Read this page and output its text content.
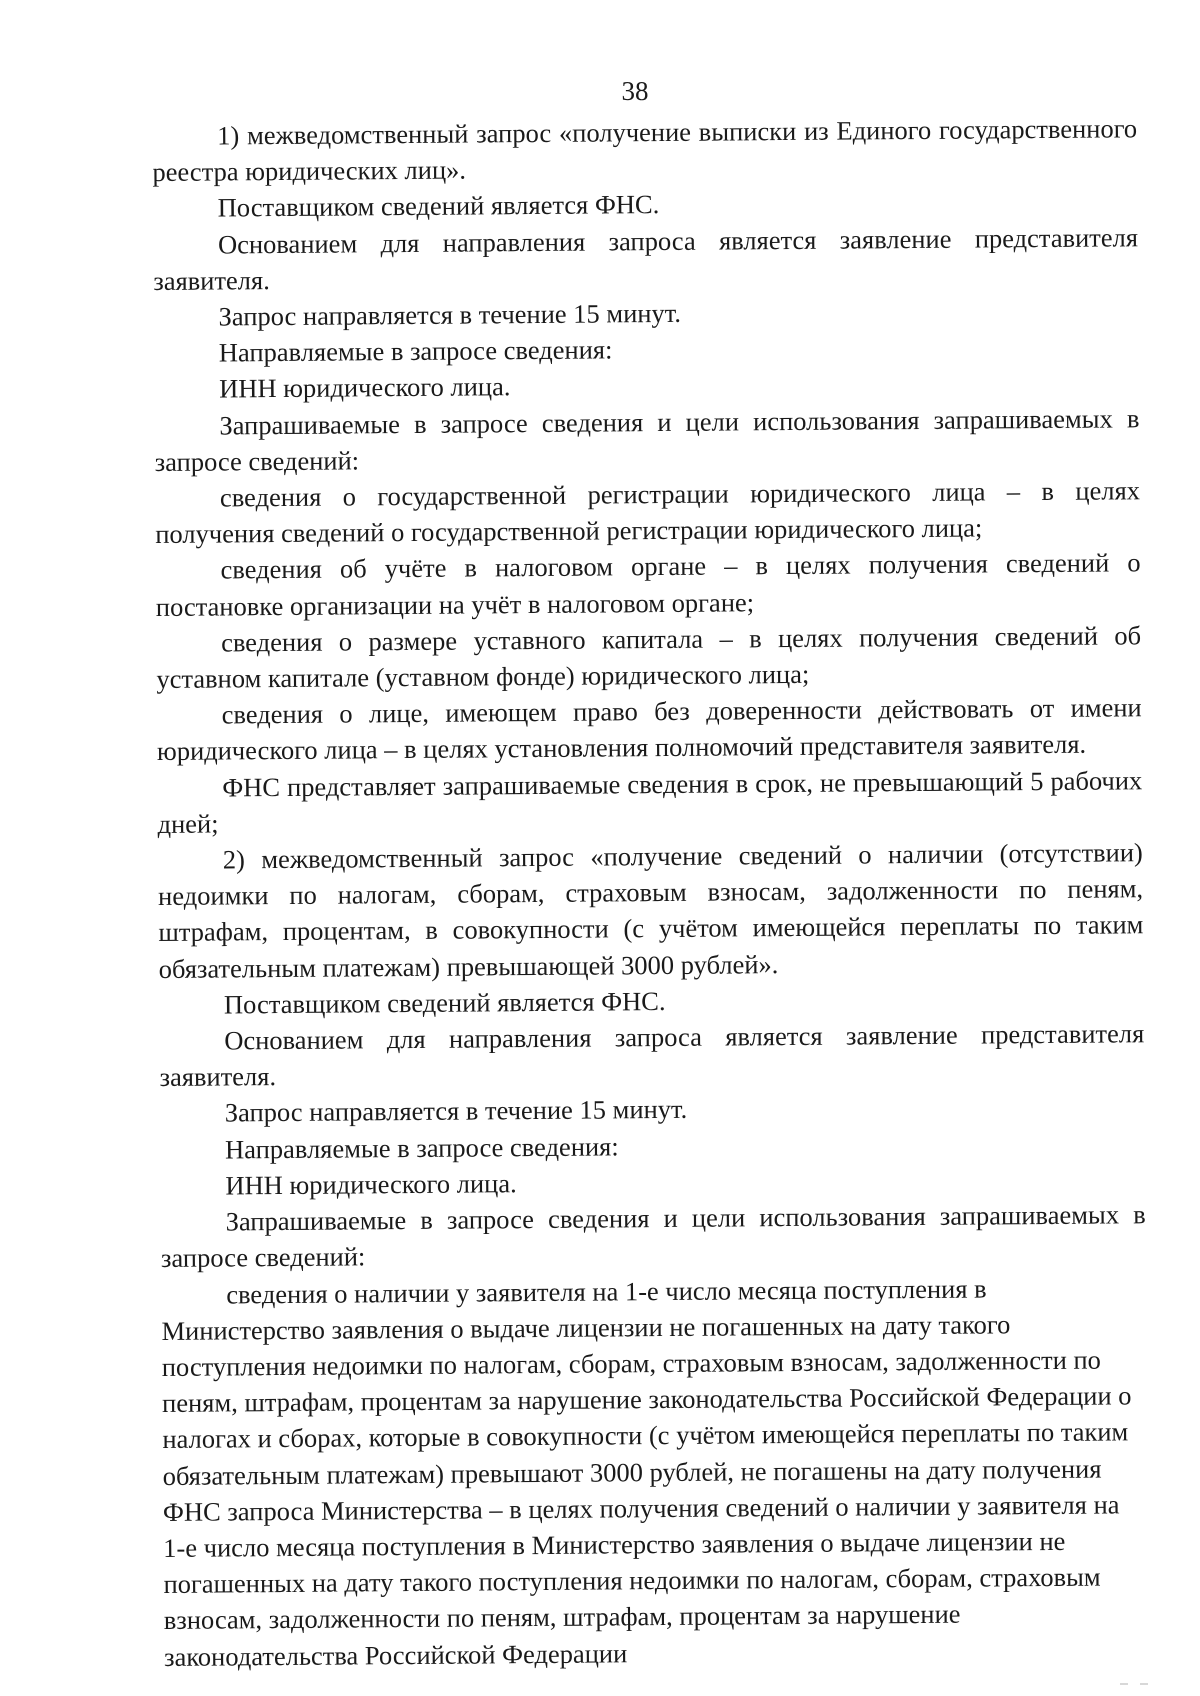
38

1) межведомственный запрос «получение выписки из Единого государственного реестра юридических лиц».

Поставщиком сведений является ФНС.

Основанием для направления запроса является заявление представителя заявителя.

Запрос направляется в течение 15 минут.

Направляемые в запросе сведения:

ИНН юридического лица.

Запрашиваемые в запросе сведения и цели использования запрашиваемых в запросе сведений:

сведения о государственной регистрации юридического лица – в целях получения сведений о государственной регистрации юридического лица;

сведения об учёте в налоговом органе – в целях получения сведений о постановке организации на учёт в налоговом органе;

сведения о размере уставного капитала – в целях получения сведений об уставном капитале (уставном фонде) юридического лица;

сведения о лице, имеющем право без доверенности действовать от имени юридического лица – в целях установления полномочий представителя заявителя.

ФНС представляет запрашиваемые сведения в срок, не превышающий 5 рабочих дней;

2) межведомственный запрос «получение сведений о наличии (отсутствии) недоимки по налогам, сборам, страховым взносам, задолженности по пеням, штрафам, процентам, в совокупности (с учётом имеющейся переплаты по таким обязательным платежам) превышающей 3000 рублей».

Поставщиком сведений является ФНС.

Основанием для направления запроса является заявление представителя заявителя.

Запрос направляется в течение 15 минут.

Направляемые в запросе сведения:

ИНН юридического лица.

Запрашиваемые в запросе сведения и цели использования запрашиваемых в запросе сведений:

сведения о наличии у заявителя на 1-е число месяца поступления в Министерство заявления о выдаче лицензии не погашенных на дату такого поступления недоимки по налогам, сборам, страховым взносам, задолженности по пеням, штрафам, процентам за нарушение законодательства Российской Федерации о налогах и сборах, которые в совокупности (с учётом имеющейся переплаты по таким обязательным платежам) превышают 3000 рублей, не погашены на дату получения ФНС запроса Министерства – в целях получения сведений о наличии у заявителя на 1-е число месяца поступления в Министерство заявления о выдаче лицензии не погашенных на дату такого поступления недоимки по налогам, сборам, страховым взносам, задолженности по пеням, штрафам, процентам за нарушение законодательства Российской Федерации
